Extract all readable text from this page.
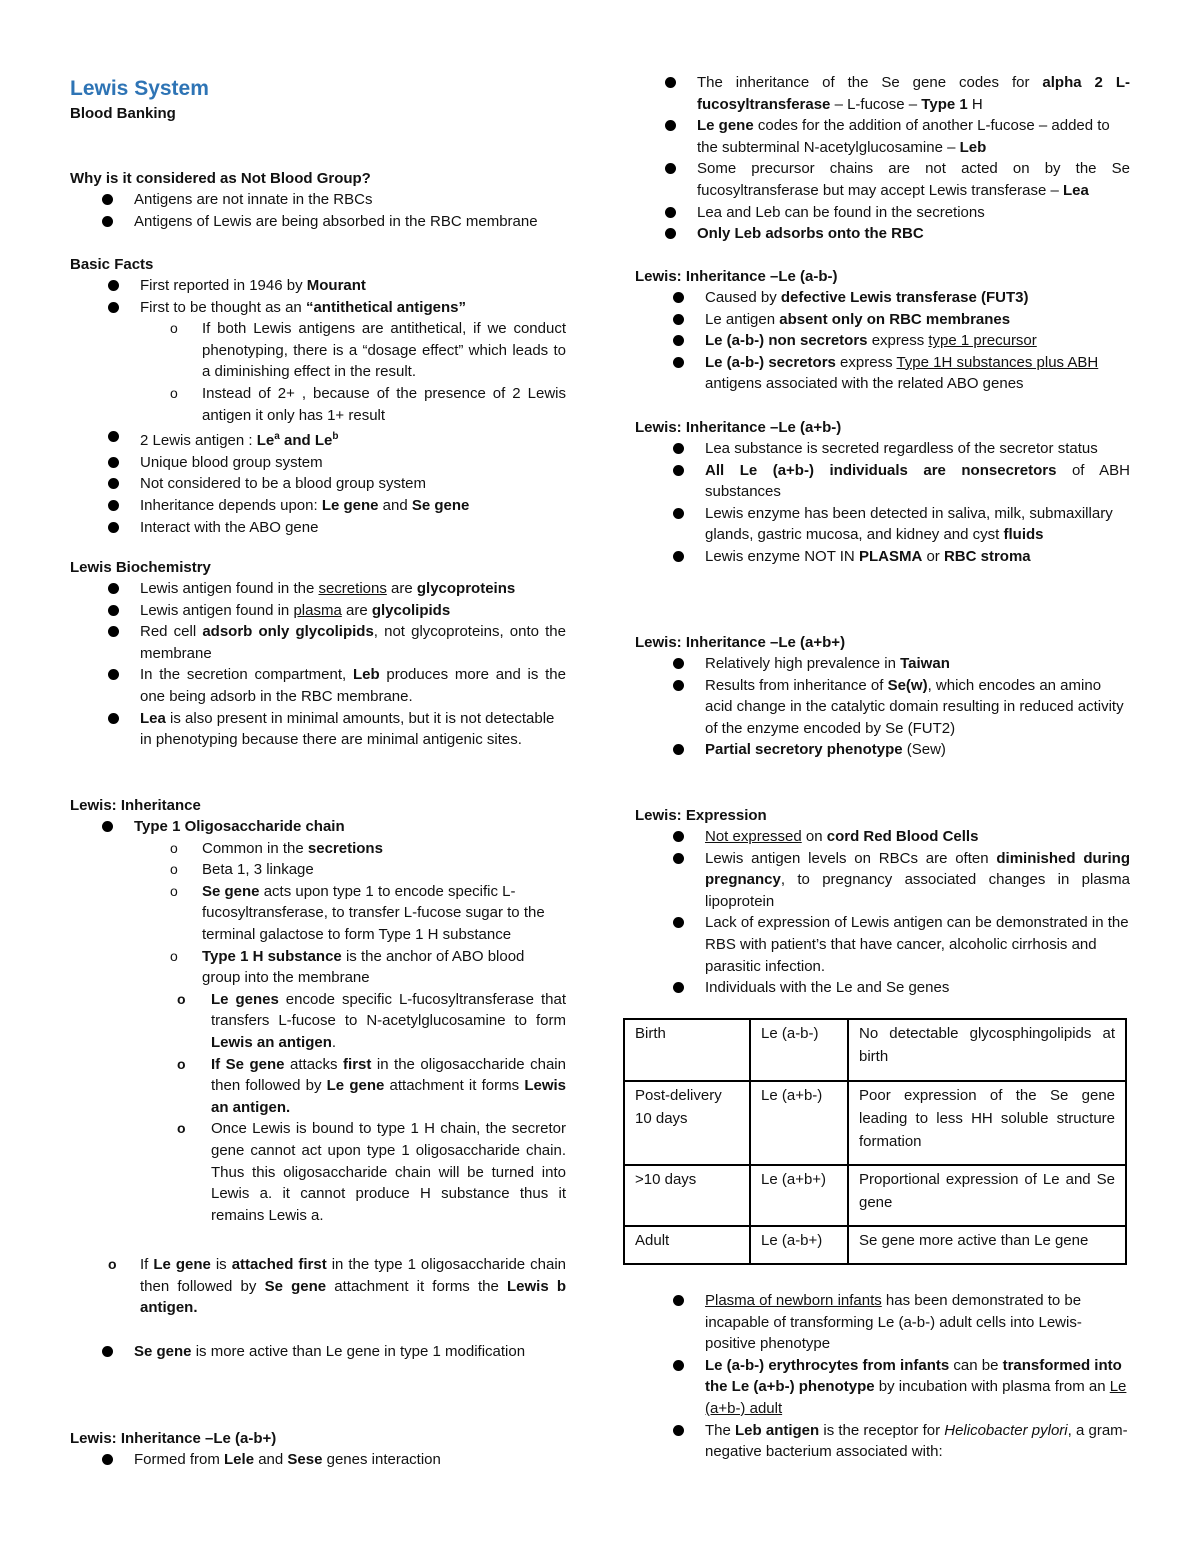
Lewis System
Blood Banking
Why is it considered as Not Blood Group?
Antigens are not innate in the RBCs
Antigens of Lewis are being absorbed in the RBC membrane
Basic Facts
First reported in 1946 by Mourant
First to be thought as an “antithetical antigens”
o If both Lewis antigens are antithetical, if we conduct phenotyping, there is a “dosage effect” which leads to a diminishing effect in the result.
o Instead of 2+ , because of the presence of 2 Lewis antigen it only has 1+ result
2 Lewis antigen : Le$^a$ and Le$^b$
Unique blood group system
Not considered to be a blood group system
Inheritance depends upon: Le gene and Se gene
Interact with the ABO gene
Lewis Biochemistry
Lewis antigen found in the secretions are glycoproteins
Lewis antigen found in plasma are glycolipids
Red cell adsorb only glycolipids, not glycoproteins, onto the membrane
In the secretion compartment, Leb produces more and is the one being adsorb in the RBC membrane.
Lea is also present in minimal amounts, but it is not detectable in phenotyping because there are minimal antigenic sites.
Lewis: Inheritance
Type 1 Oligosaccharide chain
o Common in the secretions
o Beta 1, 3 linkage
o Se gene acts upon type 1 to encode specific L-fucosyltransferase, to transfer L-fucose sugar to the terminal galactose to form Type 1 H substance
o Type 1 H substance is the anchor of ABO blood group into the membrane
o Le genes encode specific L-fucosyltransferase that transfers L-fucose to N-acetylglucosamine to form Lewis an antigen.
o If Se gene attacks first in the oligosaccharide chain then followed by Le gene attachment it forms Lewis an antigen.
o Once Lewis is bound to type 1 H chain, the secretor gene cannot act upon type 1 oligosaccharide chain. Thus this oligosaccharide chain will be turned into Lewis a. it cannot produce H substance thus it remains Lewis a.
o If Le gene is attached first in the type 1 oligosaccharide chain then followed by Se gene attachment it forms the Lewis b antigen.
Se gene is more active than Le gene in type 1 modification
Lewis: Inheritance –Le (a-b+)
Formed from Lele and Sese genes interaction
The inheritance of the Se gene codes for alpha 2 L-fucosyltransferase – L-fucose – Type 1 H
Le gene codes for the addition of another L-fucose – added to the subterminal N-acetylglucosamine – Leb
Some precursor chains are not acted on by the Se fucosyltransferase but may accept Lewis transferase – Lea
Lea and Leb can be found in the secretions
Only Leb adsorbs onto the RBC
Lewis: Inheritance –Le (a-b-)
Caused by defective Lewis transferase (FUT3)
Le antigen absent only on RBC membranes
Le (a-b-) non secretors express type 1 precursor
Le (a-b-) secretors express Type 1H substances plus ABH antigens associated with the related ABO genes
Lewis: Inheritance –Le (a+b-)
Lea substance is secreted regardless of the secretor status
All Le (a+b-) individuals are nonsecretors of ABH substances
Lewis enzyme has been detected in saliva, milk, submaxillary glands, gastric mucosa, and kidney and cyst fluids
Lewis enzyme NOT IN PLASMA or RBC stroma
Lewis: Inheritance –Le (a+b+)
Relatively high prevalence in Taiwan
Results from inheritance of Se(w), which encodes an amino acid change in the catalytic domain resulting in reduced activity of the enzyme encoded by Se (FUT2)
Partial secretory phenotype (Sew)
Lewis: Expression
Not expressed on cord Red Blood Cells
Lewis antigen levels on RBCs are often diminished during pregnancy, to pregnancy associated changes in plasma lipoprotein
Lack of expression of Lewis antigen can be demonstrated in the RBS with patient’s that have cancer, alcoholic cirrhosis and parasitic infection.
Individuals with the Le and Se genes
Birth	Le (a-b-)	No detectable glycosphingolipids at birth
Post-delivery 10 days	Le (a+b-)	Poor expression of the Se gene leading to less HH soluble structure formation
>10 days	Le (a+b+)	Proportional expression of Le and Se gene
Adult	Le (a-b+)	Se gene more active than Le gene
Plasma of newborn infants has been demonstrated to be incapable of transforming Le (a-b-) adult cells into Lewis-positive phenotype
Le (a-b-) erythrocytes from infants can be transformed into the Le (a+b-) phenotype by incubation with plasma from an Le (a+b-) adult
The Leb antigen is the receptor for Helicobacter pylori, a gram-negative bacterium associated with:
